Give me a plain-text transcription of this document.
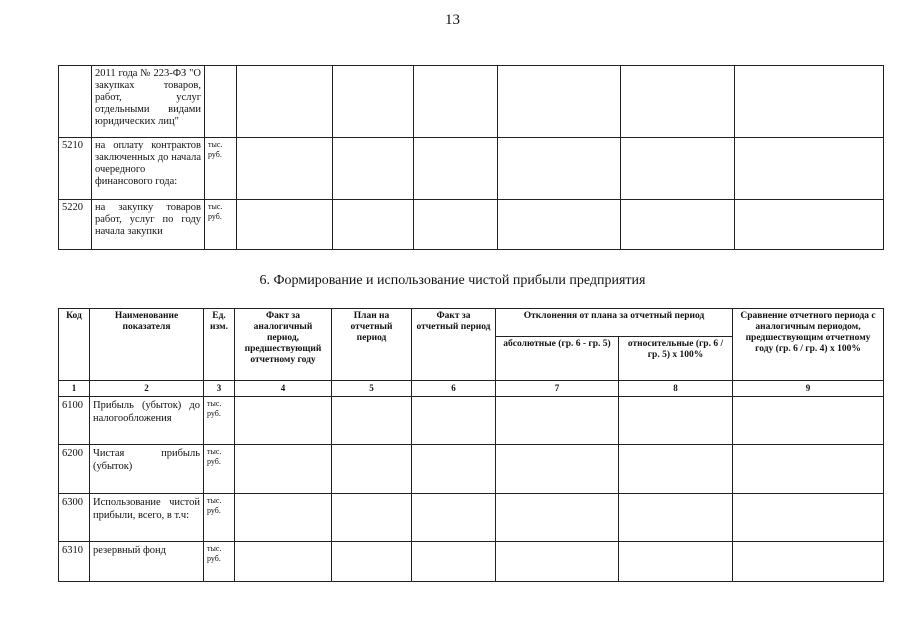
13
	2011 года № 223-ФЗ "О закупках товаров, работ, услуг отдельными видами юридических лиц"							
5210	на оплату контрактов заключенных до начала очередного финансового года:	тыс. руб.						
5220	на закупку товаров работ, услуг по году начала закупки	тыс. руб.						
6. Формирование и использование чистой прибыли предприятия
Код	Наименование показателя	Ед. изм.	Факт за аналогичный период, предшествующий отчетному году	План на отчетный период	Факт за отчетный период	Отклонения от плана за отчетный период		Сравнение отчетного периода с аналогичным периодом, предшествующим отчетному году (гр. 6 / гр. 4) х 100%
						абсолютные (гр. 6 - гр. 5)	относительные (гр. 6 / гр. 5) х 100%	
1	2	3	4	5	6	7	8	9
6100	Прибыль (убыток) до налогообложения	тыс. руб.						
6200	Чистая прибыль (убыток)	тыс. руб.						
6300	Использование чистой прибыли, всего, в т.ч:	тыс. руб.						
6310	резервный фонд	тыс. руб.						
